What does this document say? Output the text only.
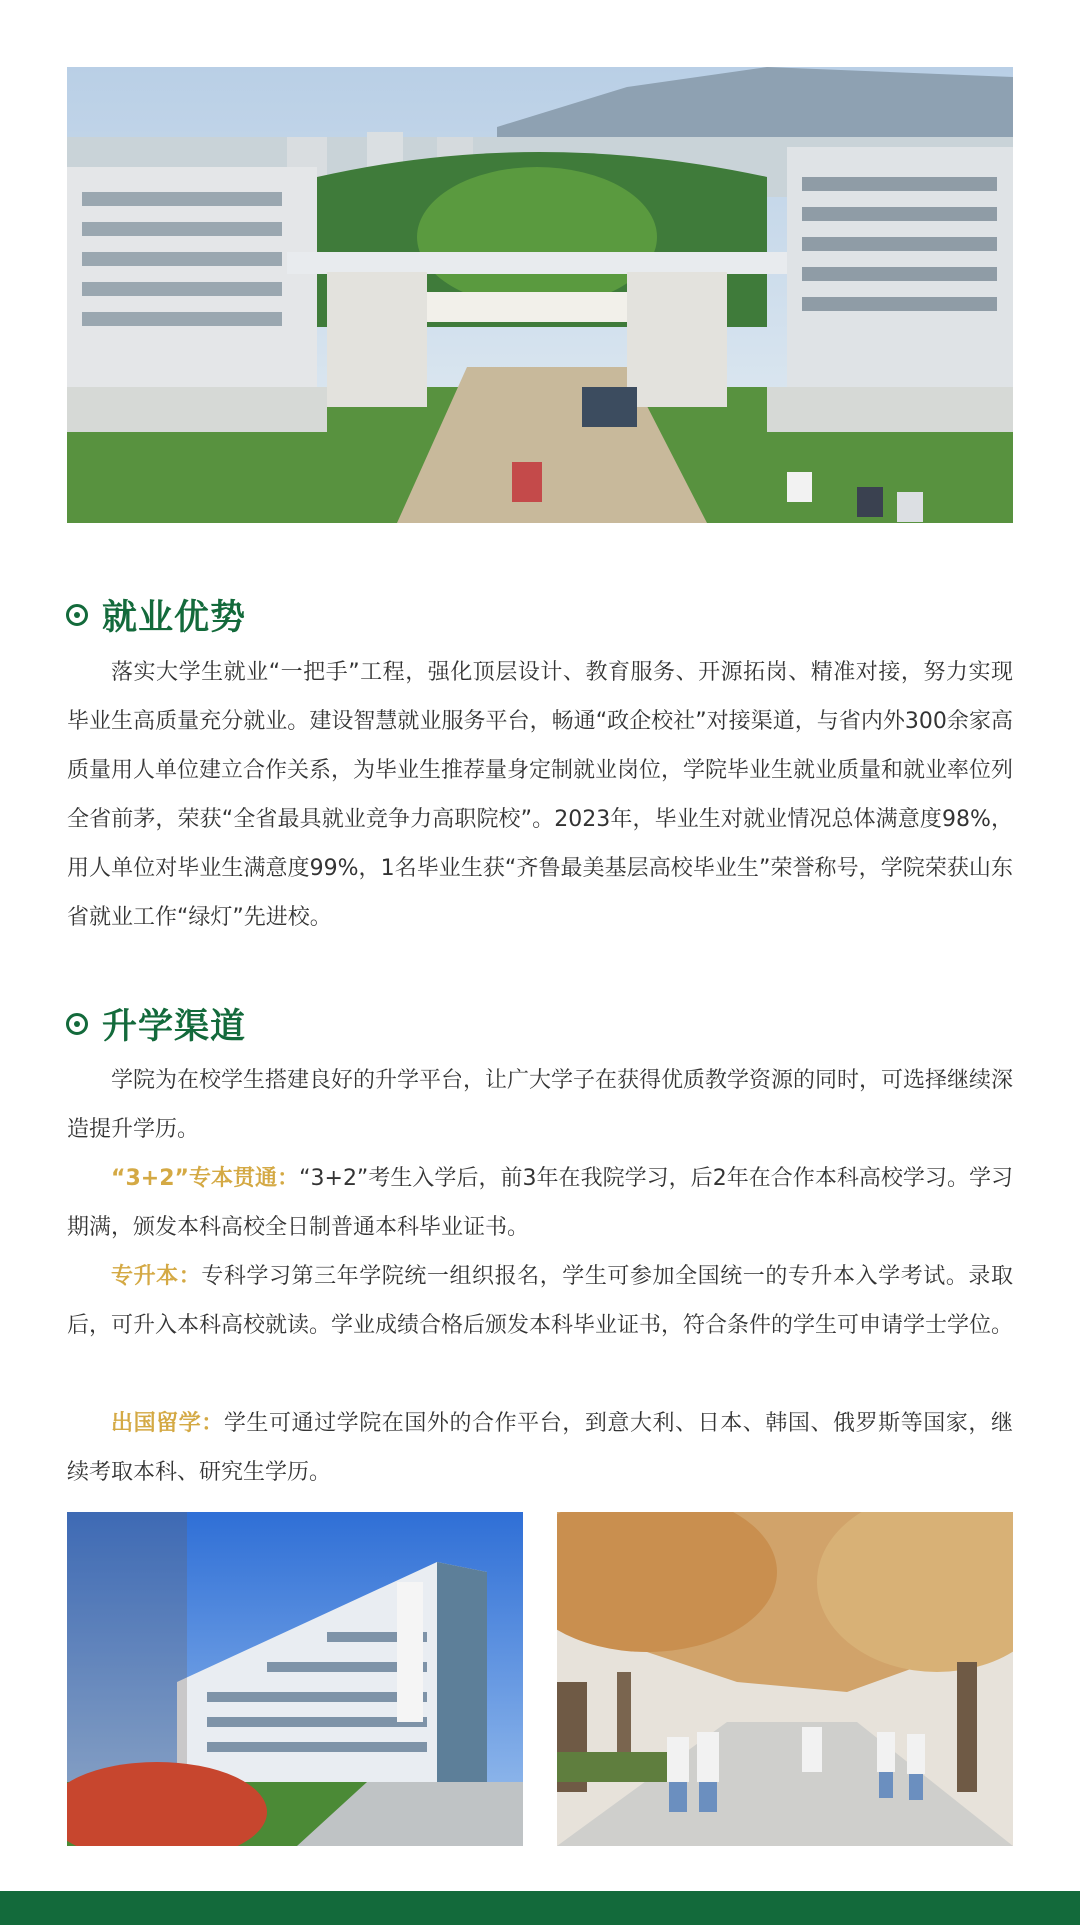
就业优势

落实大学生就业“一把手”工程，强化顶层设计、教育服务、开源拓岗、精准对接，努力实现毕业生高质量充分就业。建设智慧就业服务平台，畅通“政企校社”对接渠道，与省内外300余家高质量用人单位建立合作关系，为毕业生推荐量身定制就业岗位，学院毕业生就业质量和就业率位列全省前茅，荣获“全省最具就业竞争力高职院校”。2023年，毕业生对就业情况总体满意度98%，用人单位对毕业生满意度99%，1名毕业生获“齐鲁最美基层高校毕业生”荣誉称号，学院荣获山东省就业工作“绿灯”先进校。

升学渠道

学院为在校学生搭建良好的升学平台，让广大学子在获得优质教学资源的同时，可选择继续深造提升学历。

“3+2”专本贯通：“3+2”考生入学后，前3年在我院学习，后2年在合作本科高校学习。学习期满，颁发本科高校全日制普通本科毕业证书。

专升本：专科学习第三年学院统一组织报名，学生可参加全国统一的专升本入学考试。录取后，可升入本科高校就读。学业成绩合格后颁发本科毕业证书，符合条件的学生可申请学士学位。

出国留学：学生可通过学院在国外的合作平台，到意大利、日本、韩国、俄罗斯等国家，继续考取本科、研究生学历。
